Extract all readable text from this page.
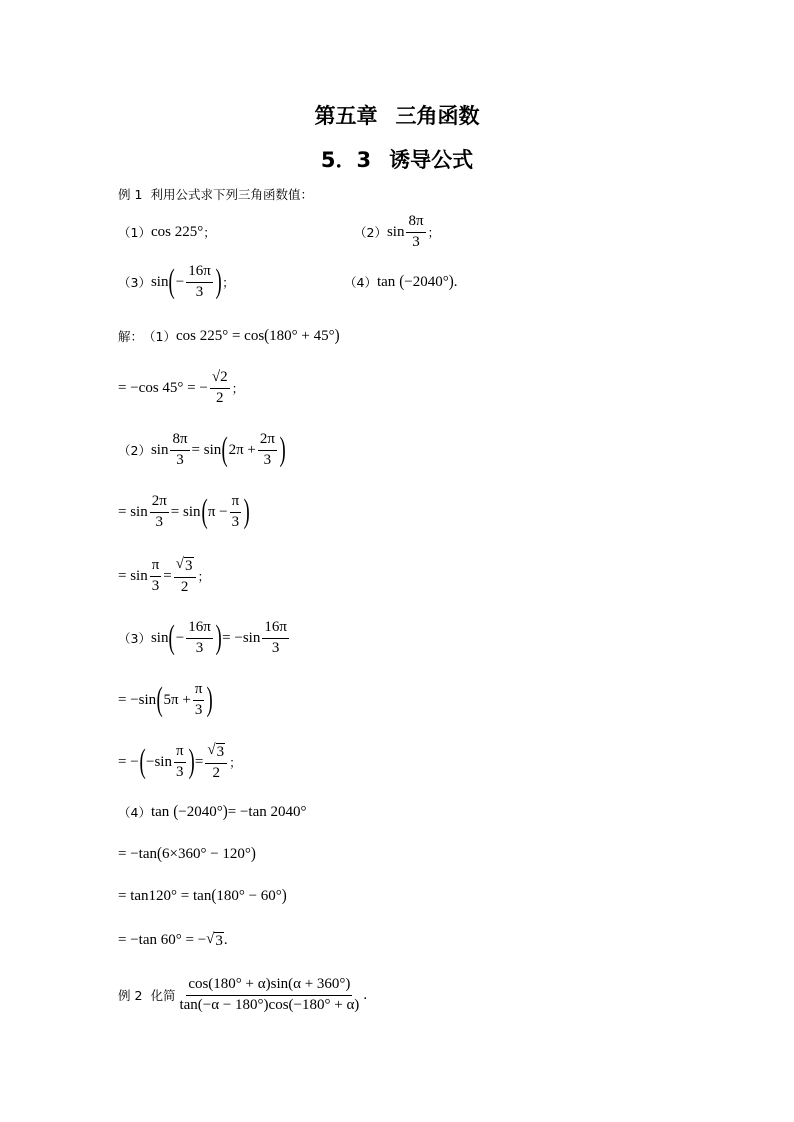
第五章 三角函数
5．3 诱导公式
例 1 利用公式求下列三角函数值：
（1） cos 225° ；	（2） $\sin \frac{8\pi}{3}$ ；
（3） sin ( − $\frac{16\pi}{3}$ ) ；	（4） tan ( −2040° ) .
解： （1） cos 225° = cos ( 180° + 45° )
= −cos 45° = − $\frac{√2}{2}$ ；
（2） $\sin \frac{8\pi}{3} = \sin$ ( $2\pi + \frac{2\pi}{3}$ )
= $\sin \frac{2\pi}{3} = \sin$ ( $\pi - \frac{\pi}{3}$ )
= $\sin \frac{\pi}{3} = \frac{√ 3}{2}$ ；
（3） sin ( − $\frac{16\pi}{3}$ ) = $-\sin \frac{16\pi}{3}$
= −sin ( $5\pi + \frac{\pi}{3}$ )
= − ( $-\sin \frac{\pi}{3}$ ) = $\frac{√ 3}{2}$ ；
（4） tan ( −2040° ) = −tan 2040°
= −tan ( 6×360° − 120° )
= tan120° = tan ( 180° − 60° )
= −tan 60° = − √ 3 .
例 2 化简 $\frac{\cos(180^\circ + \alpha)\sin(\alpha + 360^\circ)}{\tan(-\alpha - 180^\circ)\cos(-180^\circ + \alpha)}$ .
